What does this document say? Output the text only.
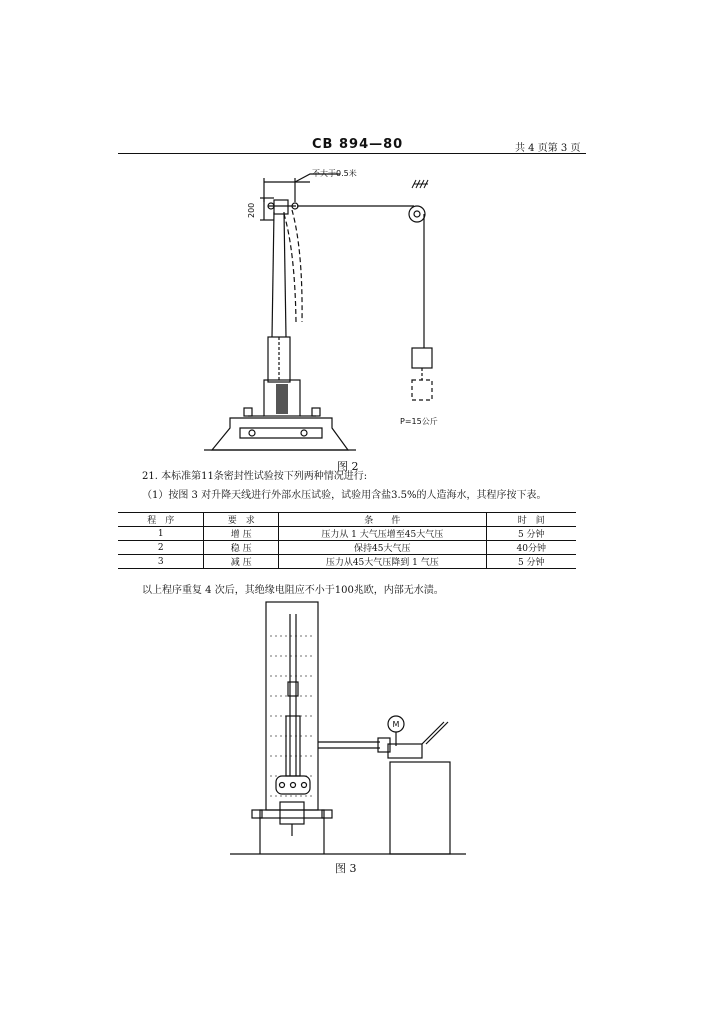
CB 894—80	共 4 页第 3 页
不大于0.5米
200
P=15公斤
图 2
21. 本标准第11条密封性试验按下列两种情况进行:
（1）按图 3 对升降天线进行外部水压试验，试验用含盐3.5%的人造海水，其程序按下表。
程　序	要　求	条　　件	时　间
1	增 压	压力从 1 大气压增至45大气压	5 分钟
2	稳 压	保持45大气压	40分钟
3	减 压	压力从45大气压降到 1 气压	5 分钟
以上程序重复 4 次后，其绝缘电阻应不小于100兆欧，内部无水渍。
M
图 3
